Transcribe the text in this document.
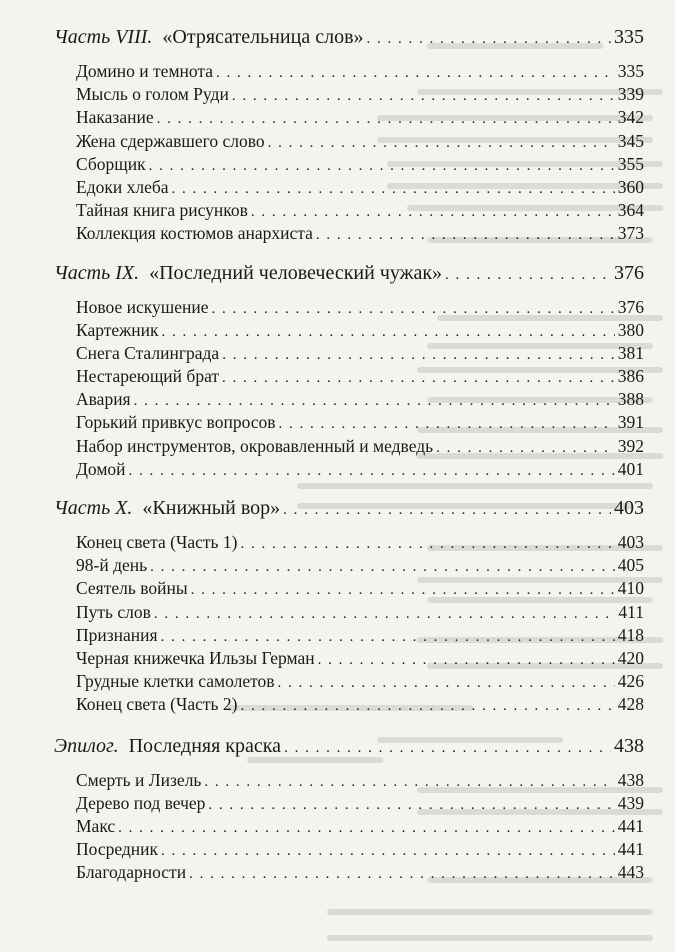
Часть VIII. «Отрясательница слов» . . .	335
Домино и темнота . . .	335
Мысль о голом Руди . . .	339
Наказание . . .	342
Жена сдержавшего слово . . .	345
Сборщик . . .	355
Едоки хлеба . . .	360
Тайная книга рисунков . . .	364
Коллекция костюмов анархиста . . .	373
Часть IX. «Последний человеческий чужак» . . .	376
Новое искушение . . .	376
Картежник . . .	380
Снега Сталинграда . . .	381
Нестареющий брат . . .	386
Авария . . .	388
Горький привкус вопросов . . .	391
Набор инструментов, окровавленный и медведь . . .	392
Домой . . .	401
Часть X. «Книжный вор» . . .	403
Конец света (Часть 1) . . .	403
98-й день . . .	405
Сеятель войны . . .	410
Путь слов . . .	411
Признания . . .	418
Черная книжечка Ильзы Герман . . .	420
Грудные клетки самолетов . . .	426
Конец света (Часть 2) . . .	428
Эпилог. Последняя краска . . .	438
Смерть и Лизель . . .	438
Дерево под вечер . . .	439
Макс . . .	441
Посредник . . .	441
Благодарности . . .	443
